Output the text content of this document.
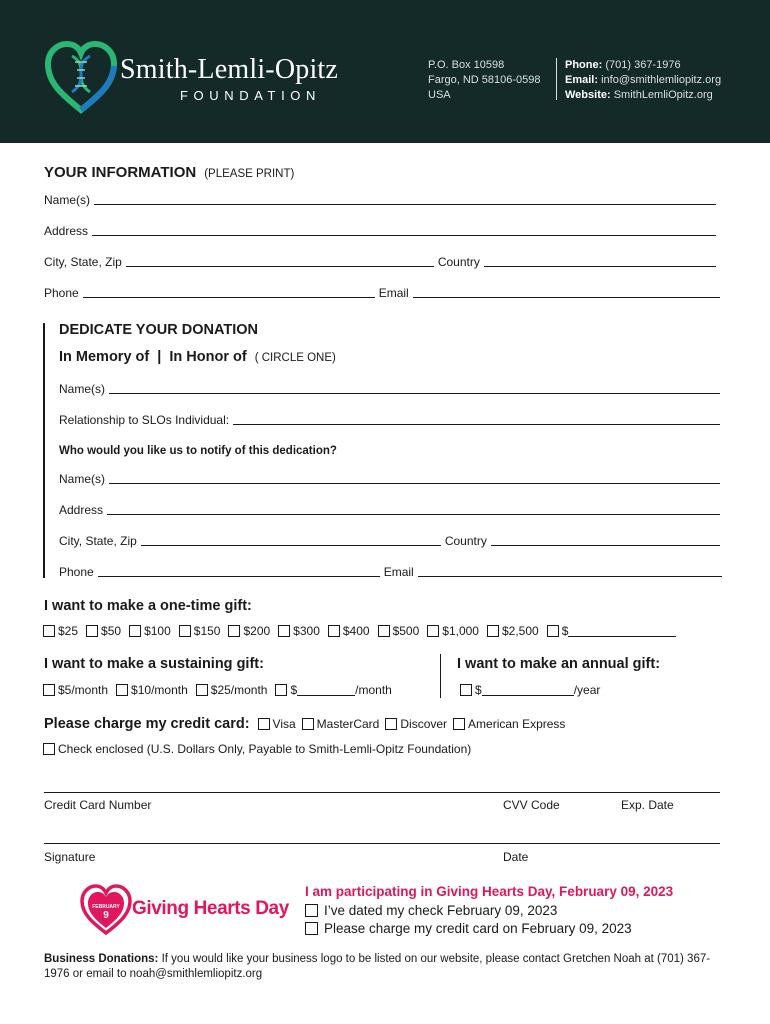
Smith-Lemli-Opitz
FOUNDATION
P.O. Box 10598
Fargo, ND 58106-0598
USA
Phone: (701) 367-1976
Email: info@smithlemliopitz.org
Website: SmithLemliOpitz.org
YOUR INFORMATION (PLEASE PRINT)
Name(s)
Address
City, State, Zip	Country
Phone	Email
DEDICATE YOUR DONATION
In Memory of | In Honor of ( CIRCLE ONE)
Name(s)
Relationship to SLOs Individual:
Who would you like us to notify of this dedication?
Name(s)
Address
City, State, Zip	Country
Phone	Email
I want to make a one-time gift:
$25 $50 $100 $150 $200 $300 $400 $500 $1,000 $2,500 $
I want to make a sustaining gift:	I want to make an annual gift:
$5/month $10/month $25/month $	/month	$	/year
Please charge my credit card: Visa MasterCard Discover American Express
Check enclosed (U.S. Dollars Only, Payable to Smith-Lemli-Opitz Foundation)
Credit Card Number	CVV Code	Exp. Date
Signature	Date
FEBRUARY
9 Giving Hearts Day
I am participating in Giving Hearts Day, February 09, 2023
I’ve dated my check February 09, 2023
Please charge my credit card on February 09, 2023
Business Donations: If you would like your business logo to be listed on our website, please contact Gretchen Noah at (701) 367-1976 or email to noah@smithlemliopitz.org
